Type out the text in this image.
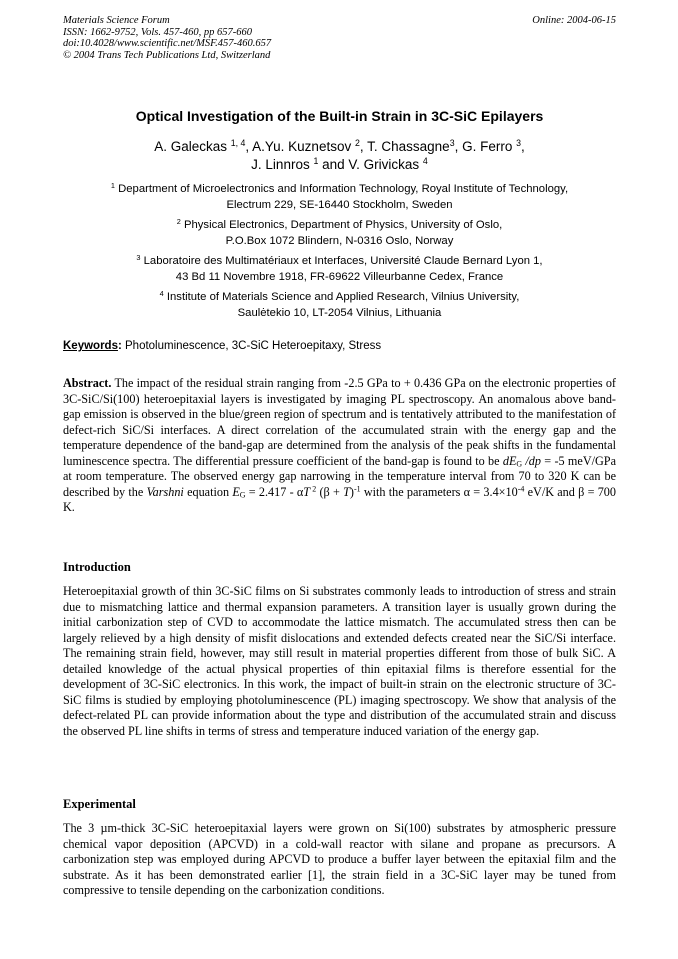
Materials Science Forum
ISSN: 1662-9752, Vols. 457-460, pp 657-660
doi:10.4028/www.scientific.net/MSF.457-460.657
© 2004 Trans Tech Publications Ltd, Switzerland
Online: 2004-06-15
Optical Investigation of the Built-in Strain in 3C-SiC Epilayers
A. Galeckas $^{1, 4}$, A.Yu. Kuznetsov $^2$, T. Chassagne$^3$, G. Ferro $^3$,
J. Linnros $^1$ and V. Grivickas $^4$
$^1$ Department of Microelectronics and Information Technology, Royal Institute of Technology,
Electrum 229, SE-16440 Stockholm, Sweden
$^2$ Physical Electronics, Department of Physics, University of Oslo,
P.O.Box 1072 Blindern, N-0316 Oslo, Norway
$^3$ Laboratoire des Multimatériaux et Interfaces, Université Claude Bernard Lyon 1,
43 Bd 11 Novembre 1918, FR-69622 Villeurbanne Cedex, France
$^4$ Institute of Materials Science and Applied Research, Vilnius University,
Saulėtekio 10, LT-2054 Vilnius, Lithuania
Keywords: Photoluminescence, 3C-SiC Heteroepitaxy, Stress
Abstract. The impact of the residual strain ranging from -2.5 GPa to + 0.436 GPa on the electronic properties of 3C-SiC/Si(100) heteroepitaxial layers is investigated by imaging PL spectroscopy. An anomalous above band-gap emission is observed in the blue/green region of spectrum and is tentatively attributed to the manifestation of defect-rich SiC/Si interfaces. A direct correlation of the accumulated strain with the energy gap and the temperature dependence of the band-gap are determined from the analysis of the peak shifts in the fundamental luminescence spectra. The differential pressure coefficient of the band-gap is found to be $dE_G$ /dp = -5 meV/GPa at room temperature. The observed energy gap narrowing in the temperature interval from 70 to 320 K can be described by the Varshni equation $E_G = 2.417 - \alpha T$ $^2$ $(\beta + T)^{-1}$ with the parameters $\alpha = 3.4\times 10^{-4}$ eV/K and β = 700 K.
Introduction
Heteroepitaxial growth of thin 3C-SiC films on Si substrates commonly leads to introduction of stress and strain due to mismatching lattice and thermal expansion parameters. A transition layer is usually grown during the initial carbonization step of CVD to accommodate the lattice mismatch. The accumulated stress then can be largely relieved by a high density of misfit dislocations and extended defects created near the SiC/Si interface. The remaining strain field, however, may still result in material properties different from those of bulk SiC. A detailed knowledge of the actual physical properties of thin epitaxial films is therefore essential for the development of 3C-SiC electronics. In this work, the impact of built-in strain on the electronic structure of 3C-SiC films is studied by employing photoluminescence (PL) imaging spectroscopy. We show that analysis of the defect-related PL can provide information about the type and distribution of the accumulated strain and discuss the observed PL line shifts in terms of stress and temperature induced variation of the energy gap.
Experimental
The 3 µm-thick 3C-SiC heteroepitaxial layers were grown on Si(100) substrates by atmospheric pressure chemical vapor deposition (APCVD) in a cold-wall reactor with silane and propane as precursors. A carbonization step was employed during APCVD to produce a buffer layer between the epitaxial film and the substrate. As it has been demonstrated earlier [1], the strain field in a 3C-SiC layer may be tuned from compressive to tensile depending on the carbonization conditions.
